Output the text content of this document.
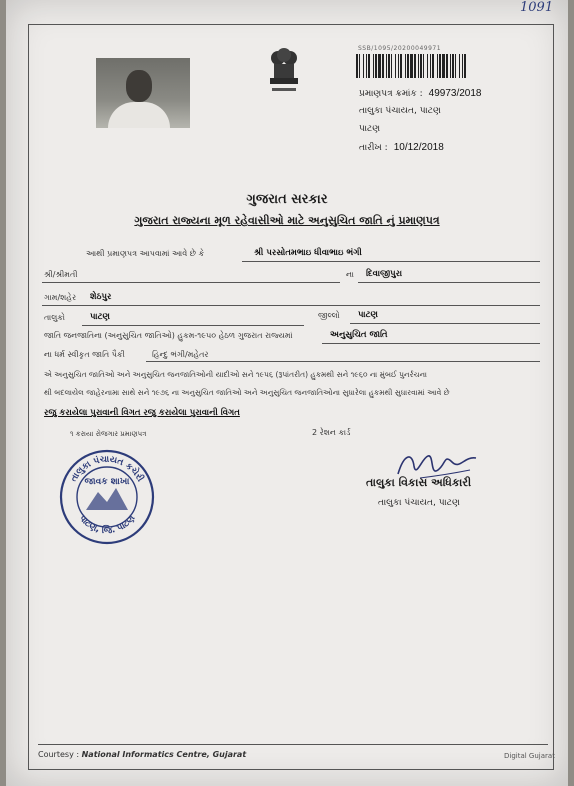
1091
SSB/1095/20200049971
પ્રમાણપત્ર ક્રમાંક : 49973/2018
તાલુકા પંચાયત, પાટણ
પાટણ
તારીખ : 10/12/2018
ગુજરાત સરકાર
ગુજરાત રાજ્યના મૂળ રહેવાસીઓ માટે અનુસુચિત જાતિ નું પ્રમાણપત્ર
આથી પ્રમાણપત્ર આપવામાં આવે છે કે	શ્રી પરસોતમભાઇ ધીવાભાઇ ભંગી
શ્રી/શ્રીમતી	ના દિવાજીપુરા
ગામ/શહેર શેઠપુર
તાલુકો	પાટણ	જીલ્લો પાટણ
જાતિ જનજાતિના (અનુસુચિત જાતિઓ) હુકમ-૧૯૫૦ હેઠળ ગુજરાત રાજ્યમાં	અનુસુચિત જાતિ
ના ધર્મ સ્વીકૃત જાતિ પૈકી	હિન્દુ ભંગી/મહેતર
એ અનુસુચિત જાતિઓ અને અનુસુચિત જનજાતિઓની યાદીઓ સને ૧૯૫૬ (રૂપાંતરીત) હુકમથી સને ૧૯૬૦ ના મુંબઈ પુનર્રચના
થી બદલાયેલ જાહેરનામા સાથે સને ૧૯૭૬ ના અનુસુચિત જાતિઓ અને અનુસુચિત જનજાતિઓના સુધારેલા હુકમથી સુધારવામાં આવે છે
રજુ કરાયેલા પુરાવાની વિગત રજુ કરાયેલા પુરાવાની વિગત
૧ કરાયા રોજગાર પ્રમાણપત્ર	2 રેશન કાર્ડ
તાલુકા પંચાયત કચેરી
પાટણ, જિ. પાટણ
જાવક શાખા	તાલુકા વિકાસ અધિકારી
તાલુકા પંચાયત, પાટણ
Courtesy : National Informatics Centre, Gujarat	Digital Gujarat
